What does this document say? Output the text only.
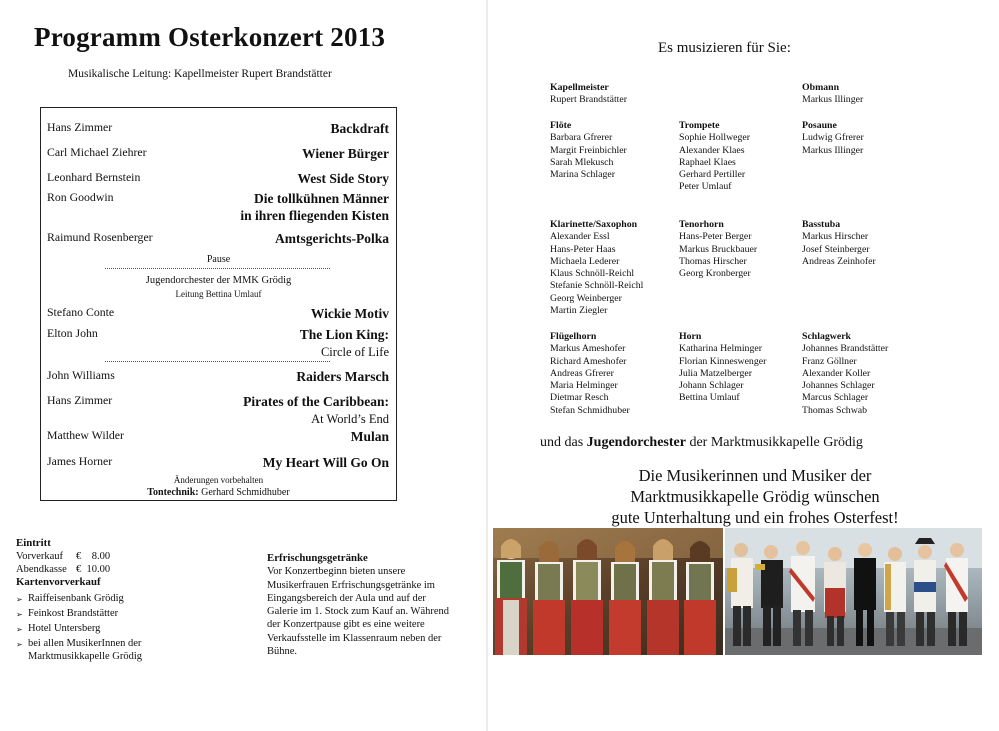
Programm Osterkonzert 2013
Musikalische Leitung: Kapellmeister Rupert Brandstätter
Hans Zimmer	Backdraft
Carl Michael Ziehrer	Wiener Bürger
Leonhard Bernstein	West Side Story
Ron Goodwin	Die tollkühnen Männer
in ihren fliegenden Kisten
Raimund Rosenberger	Amtsgerichts-Polka
Pause
Jugendorchester der MMK Grödig
Leitung Bettina Umlauf
Stefano Conte	Wickie Motiv
Elton John	The Lion King:
Circle of Life
John Williams	Raiders Marsch
Hans Zimmer	Pirates of the Caribbean:
At World’s End
Matthew Wilder	Mulan
James Horner	My Heart Will Go On
Änderungen vorbehalten
Tontechnik: Gerhard Schmidhuber
Eintritt
Vorverkauf €    8.00
Abendkasse €  10.00
Kartenvorverkauf
➢ Raiffeisenbank Grödig
➢ Feinkost Brandstätter
➢ Hotel Untersberg
➢ bei allen MusikerInnen der Marktmusikkapelle Grödig
Erfrischungsgetränke
Vor Konzertbeginn bieten unsere Musikerfrauen Erfrischungsgetränke im Eingangsbereich der Aula und auf der Galerie im 1. Stock zum Kauf an. Während der Konzertpause gibt es eine weitere Verkaufsstelle im Klassenraum neben der Bühne.
Es musizieren für Sie:
Kapellmeister
Rupert Brandstätter
Obmann
Markus Illinger
Flöte
Barbara Gfrerer
Margit Freinbichler
Sarah Mlekusch
Marina Schlager
Trompete
Sophie Hollweger
Alexander Klaes
Raphael Klaes
Gerhard Pertiller
Peter Umlauf
Posaune
Ludwig Gfrerer
Markus Illinger
Klarinette/Saxophon
Alexander Essl
Hans-Peter Haas
Michaela Lederer
Klaus Schnöll-Reichl
Stefanie Schnöll-Reichl
Georg Weinberger
Martin Ziegler
Tenorhorn
Hans-Peter Berger
Markus Bruckbauer
Thomas Hirscher
Georg Kronberger
Basstuba
Markus Hirscher
Josef Steinberger
Andreas Zeinhofer
Flügelhorn
Markus Ameshofer
Richard Ameshofer
Andreas Gfrerer
Maria Helminger
Dietmar Resch
Stefan Schmidhuber
Horn
Katharina Helminger
Florian Kinneswenger
Julia Matzelberger
Johann Schlager
Bettina Umlauf
Schlagwerk
Johannes Brandstätter
Franz Göllner
Alexander Koller
Johannes Schlager
Marcus Schlager
Thomas Schwab
und das Jugendorchester der Marktmusikkapelle Grödig
Die Musikerinnen und Musiker der
Marktmusikkapelle Grödig wünschen
gute Unterhaltung und ein frohes Osterfest!
